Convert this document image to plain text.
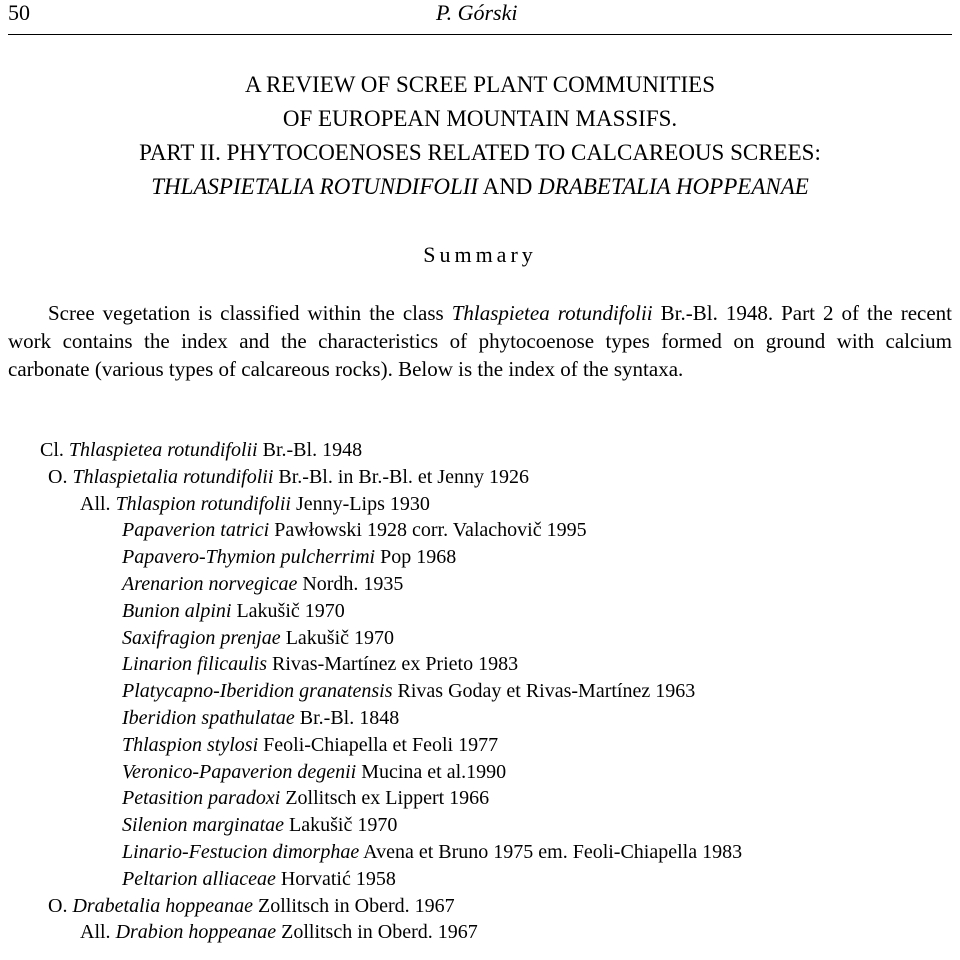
50	P. Górski
A REVIEW OF SCREE PLANT COMMUNITIES
OF EUROPEAN MOUNTAIN MASSIFS.
PART II. PHYTOCOENOSES RELATED TO CALCAREOUS SCREES:
THLASPIETALIA ROTUNDIFOLII AND DRABETALIA HOPPEANAE
Summary
Scree vegetation is classified within the class Thlaspietea rotundifolii Br.-Bl. 1948. Part 2 of the recent work contains the index and the characteristics of phytocoenose types formed on ground with calcium carbonate (various types of calcareous rocks). Below is the index of the syntaxa.
Cl. Thlaspietea rotundifolii Br.-Bl. 1948
O. Thlaspietalia rotundifolii Br.-Bl. in Br.-Bl. et Jenny 1926
All. Thlaspion rotundifolii Jenny-Lips 1930
Papaverion tatrici Pawłowski 1928 corr. Valachovič 1995
Papavero-Thymion pulcherrimi Pop 1968
Arenarion norvegicae Nordh. 1935
Bunion alpini Lakušič 1970
Saxifragion prenjae Lakušič 1970
Linarion filicaulis Rivas-Martínez ex Prieto 1983
Platycapno-Iberidion granatensis Rivas Goday et Rivas-Martínez 1963
Iberidion spathulatae Br.-Bl. 1848
Thlaspion stylosi Feoli-Chiapella et Feoli 1977
Veronico-Papaverion degenii Mucina et al.1990
Petasition paradoxi Zollitsch ex Lippert 1966
Silenion marginatae Lakušič 1970
Linario-Festucion dimorphae Avena et Bruno 1975 em. Feoli-Chiapella 1983
Peltarion alliaceae Horvatić 1958
O. Drabetalia hoppeanae Zollitsch in Oberd. 1967
All. Drabion hoppeanae Zollitsch in Oberd. 1967
